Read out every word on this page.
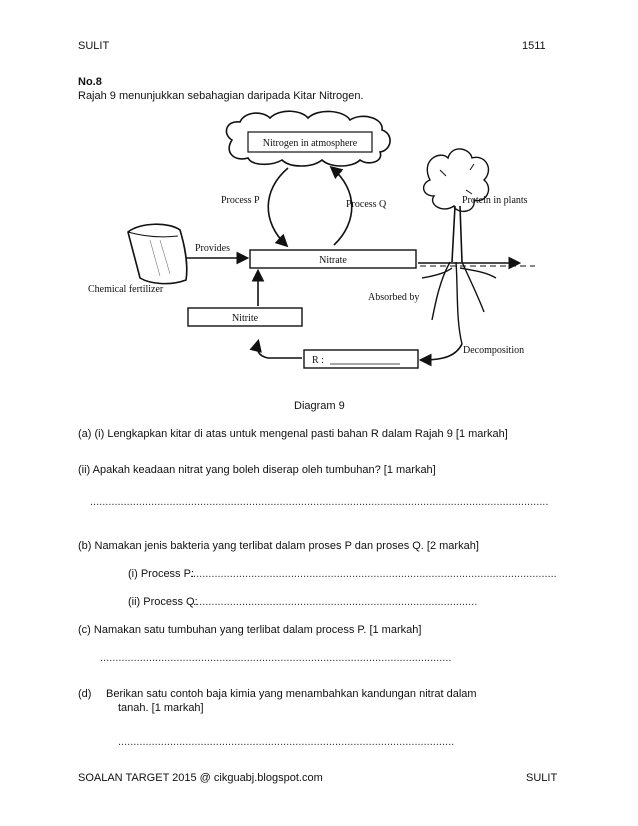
SULIT	1511
No.8
Rajah 9 menunjukkan sebahagian daripada Kitar Nitrogen.
Nitrogen in atmosphere
Process P	Process Q
Nitrate
Chemical fertilizer
Provides
Absorbed by
Protein in plants
Nitrite
R :
Decomposition
Diagram 9
(a) (i) Lengkapkan kitar di atas untuk mengenal pasti bahan R dalam Rajah 9 [1 markah]
(ii) Apakah keadaan nitrat yang boleh diserap oleh tumbuhan? [1 markah]
......................................................................................................................................................
(b) Namakan jenis bakteria yang terlibat dalam proses P dan proses Q. [2 markah]
(i) Process P:
........................................................................................................................
(ii) Process Q:
..............................................................................................
(c) Namakan satu tumbuhan yang terlibat dalam process P. [1 markah]
...................................................................................................................
(d) Berikan satu contoh baja kimia yang menambahkan kandungan nitrat dalam
tanah. [1 markah]
..............................................................................................................
SOALAN TARGET 2015 @ cikguabj.blogspot.com	SULIT
